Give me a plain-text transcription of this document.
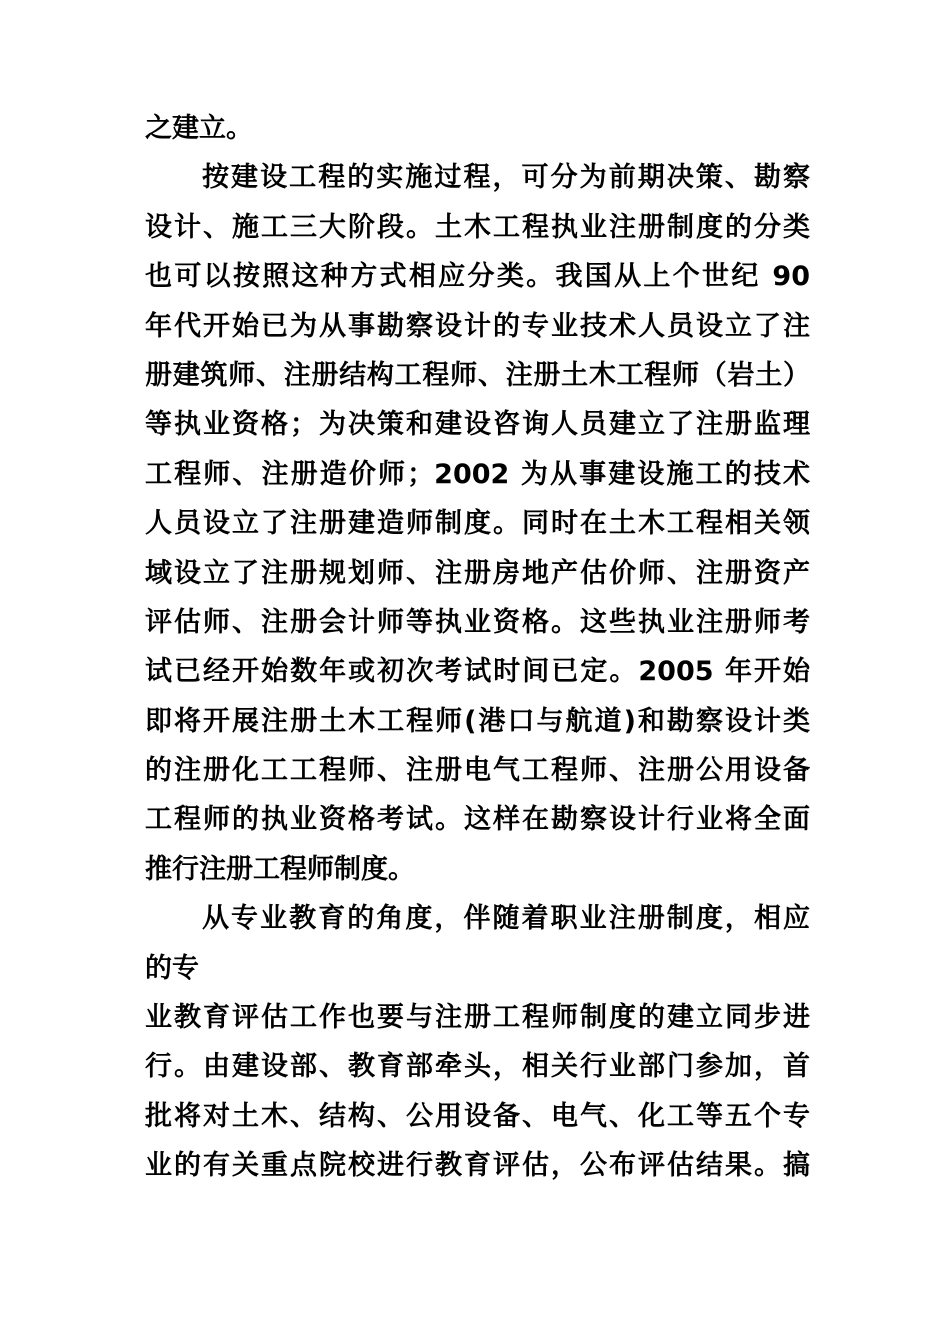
之建立。
按建设工程的实施过程，可分为前期决策、勘察
设计、施工三大阶段。土木工程执业注册制度的分类
也可以按照这种方式相应分类。我国从上个世纪 90
年代开始已为从事勘察设计的专业技术人员设立了注
册建筑师、注册结构工程师、注册土木工程师（岩土）
等执业资格；为决策和建设咨询人员建立了注册监理
工程师、注册造价师；2002 为从事建设施工的技术
人员设立了注册建造师制度。同时在土木工程相关领
域设立了注册规划师、注册房地产估价师、注册资产
评估师、注册会计师等执业资格。这些执业注册师考
试已经开始数年或初次考试时间已定。2005 年开始
即将开展注册土木工程师(港口与航道)和勘察设计类
的注册化工工程师、注册电气工程师、注册公用设备
工程师的执业资格考试。这样在勘察设计行业将全面
推行注册工程师制度。
从专业教育的角度，伴随着职业注册制度，相应
的专
业教育评估工作也要与注册工程师制度的建立同步进
行。由建设部、教育部牵头，相关行业部门参加，首
批将对土木、结构、公用设备、电气、化工等五个专
业的有关重点院校进行教育评估，公布评估结果。搞
